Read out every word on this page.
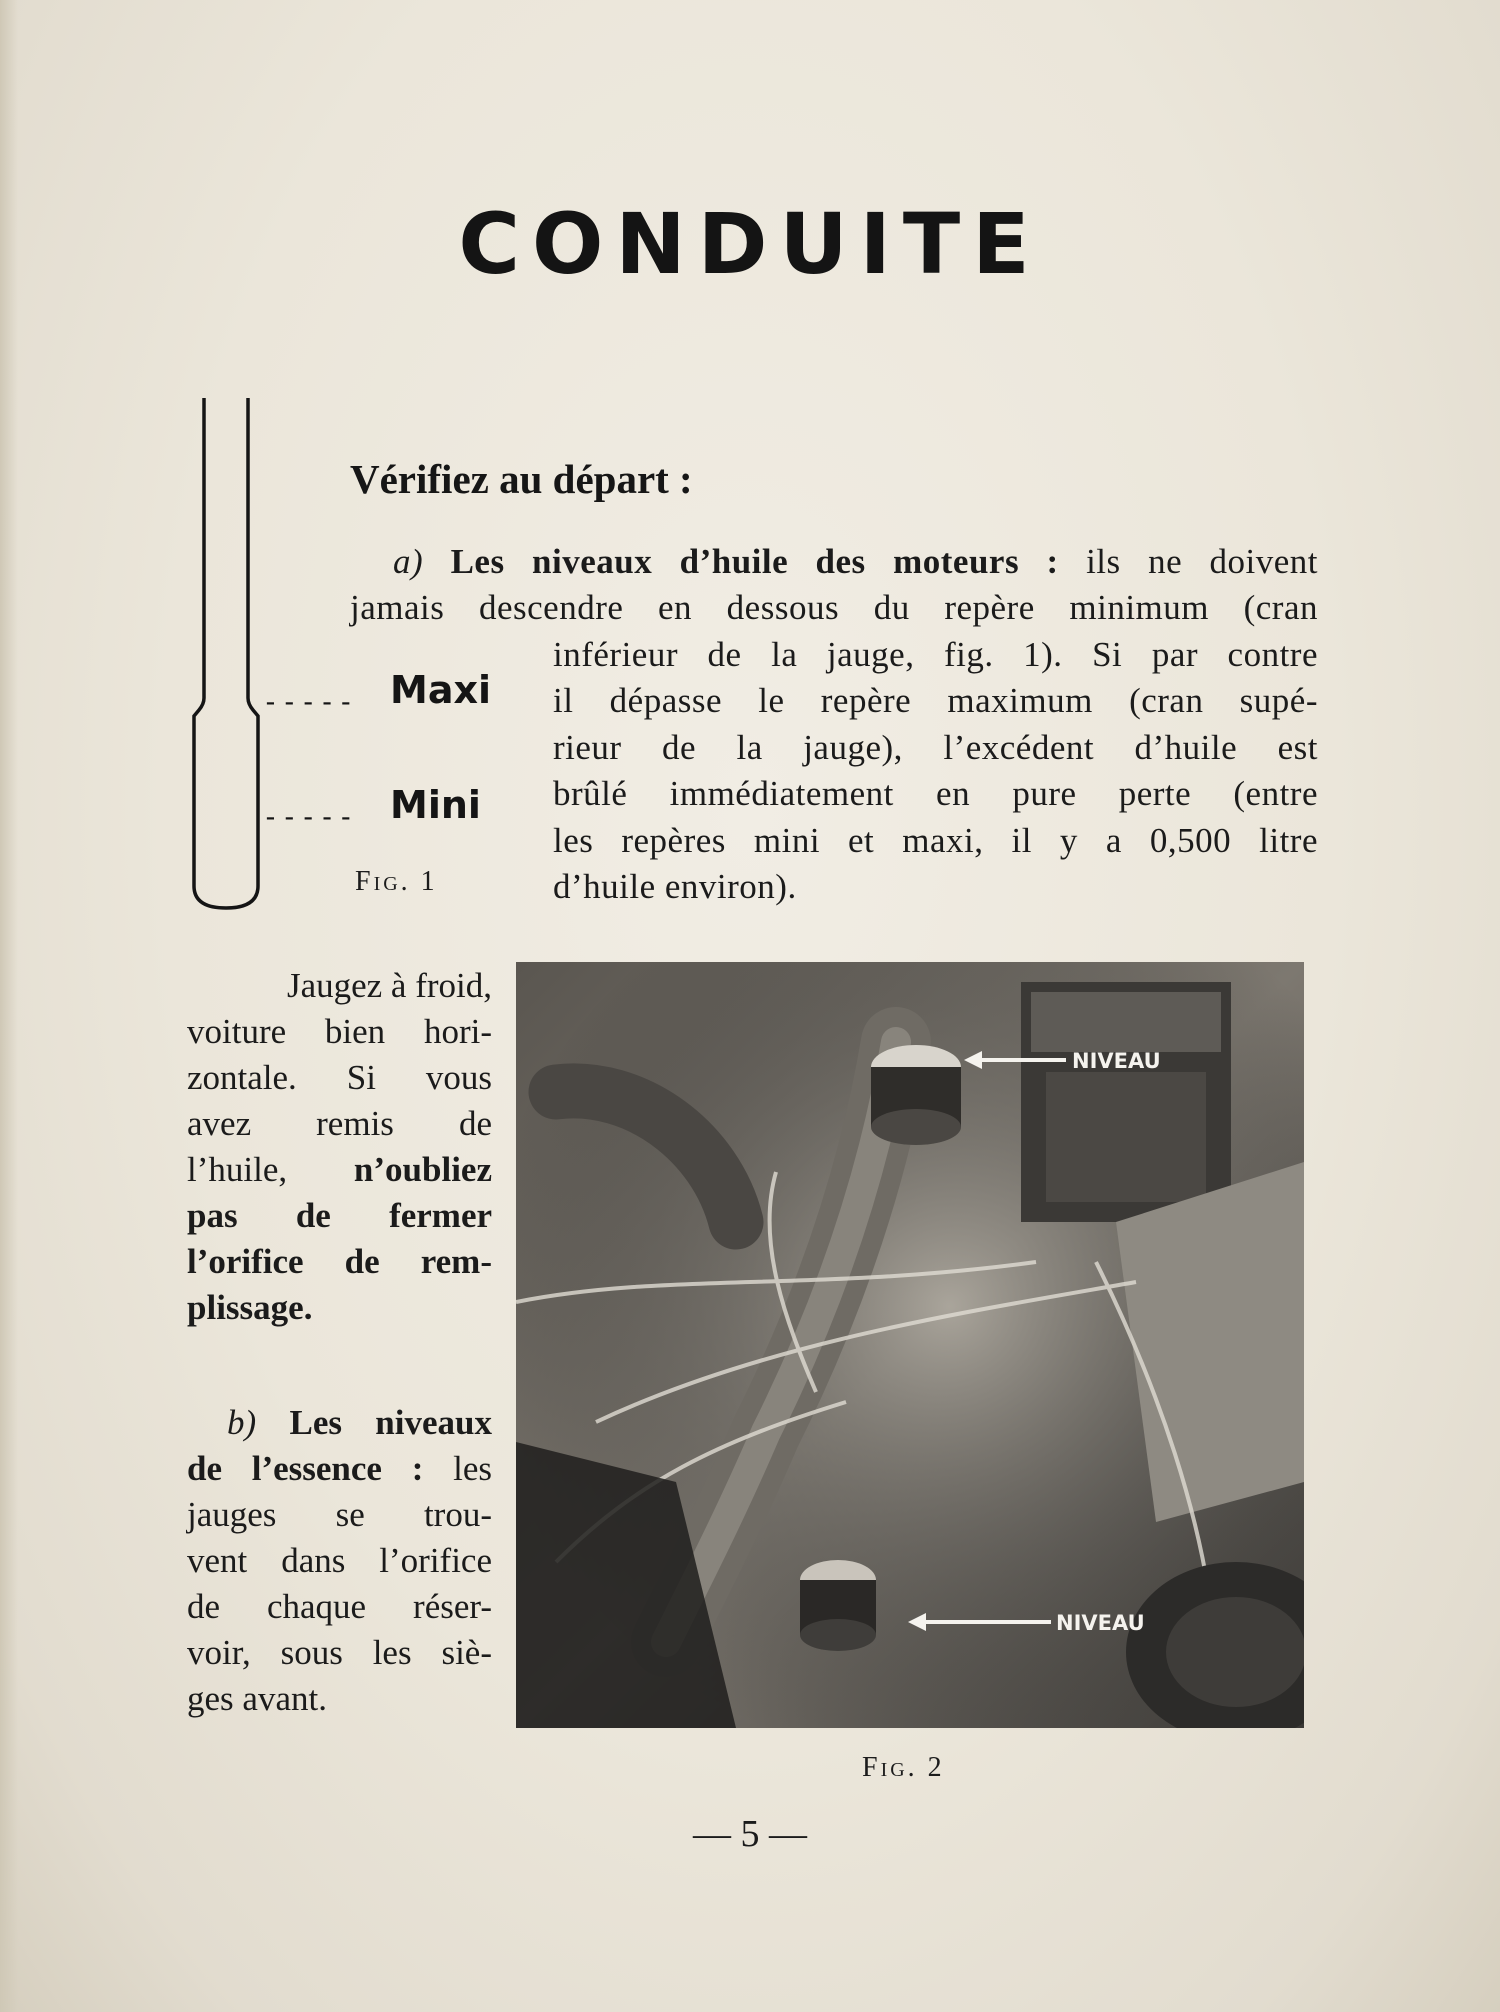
CONDUITE
----- Maxi
----- Mini
Fig. 1
Vérifiez au départ :
a) Les niveaux d’huile des moteurs : ils ne doivent
jamais descendre en dessous du repère minimum (cran
inférieur de la jauge, fig. 1). Si par contre
il dépasse le repère maximum (cran supé-
rieur de la jauge), l’excédent d’huile est
brûlé immédiatement en pure perte (entre
les repères mini et maxi, il y a 0,500 litre
d’huile environ).
Jaugez à froid,
voiture bien hori-
zontale. Si vous
avez remis de
l’huile, n’oubliez
pas de fermer
l’orifice de rem-
plissage.
b) Les niveaux
de l’essence : les
jauges se trou-
vent dans l’orifice
de chaque réser-
voir, sous les siè-
ges avant.
NIVEAU
NIVEAU
Fig. 2
— 5 —
